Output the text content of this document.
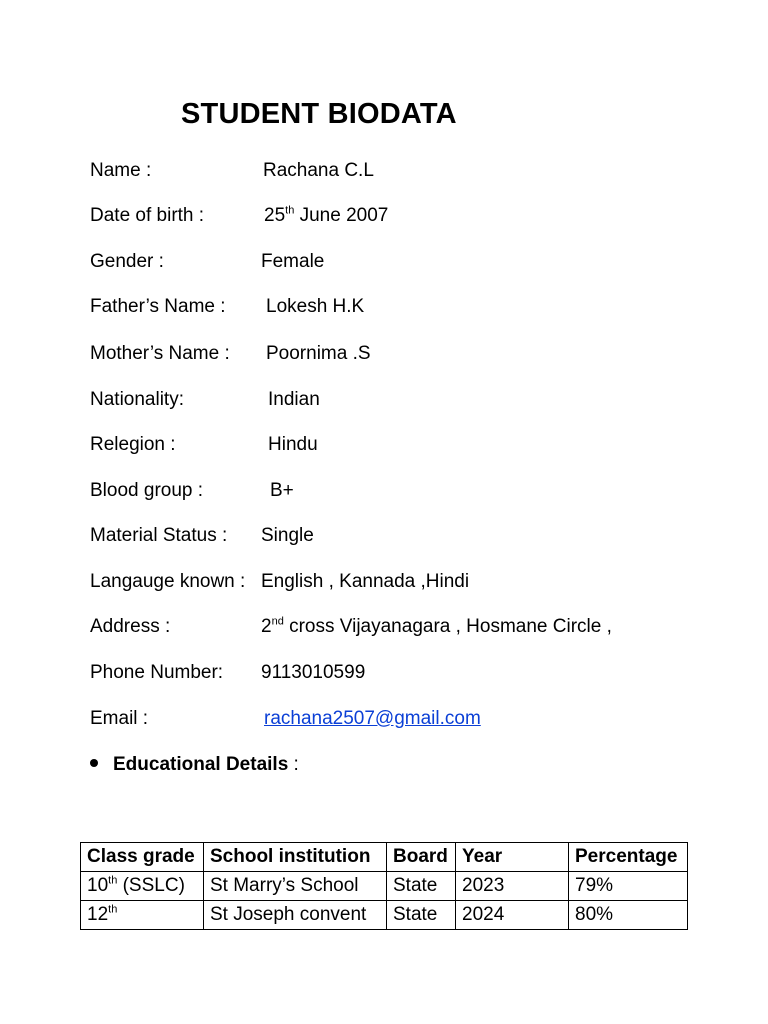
STUDENT BIODATA
Name :	Rachana C.L
Date of birth :	25th June 2007
Gender :	Female
Father’s Name : Lokesh H.K
Mother’s Name : Poornima .S
Nationality:	Indian
Relegion :	Hindu
Blood group :	B+
Material Status : Single
Langauge known : English , Kannada ,Hindi
Address :	2nd cross Vijayanagara , Hosmane Circle ,
Phone Number: 9113010599
Email :	rachana2507@gmail.com
Educational Details :
Class grade	School institution	Board	Year	Percentage
10th (SSLC)	St Marry’s School	State	2023	79%
12th	St Joseph convent	State	2024	80%
